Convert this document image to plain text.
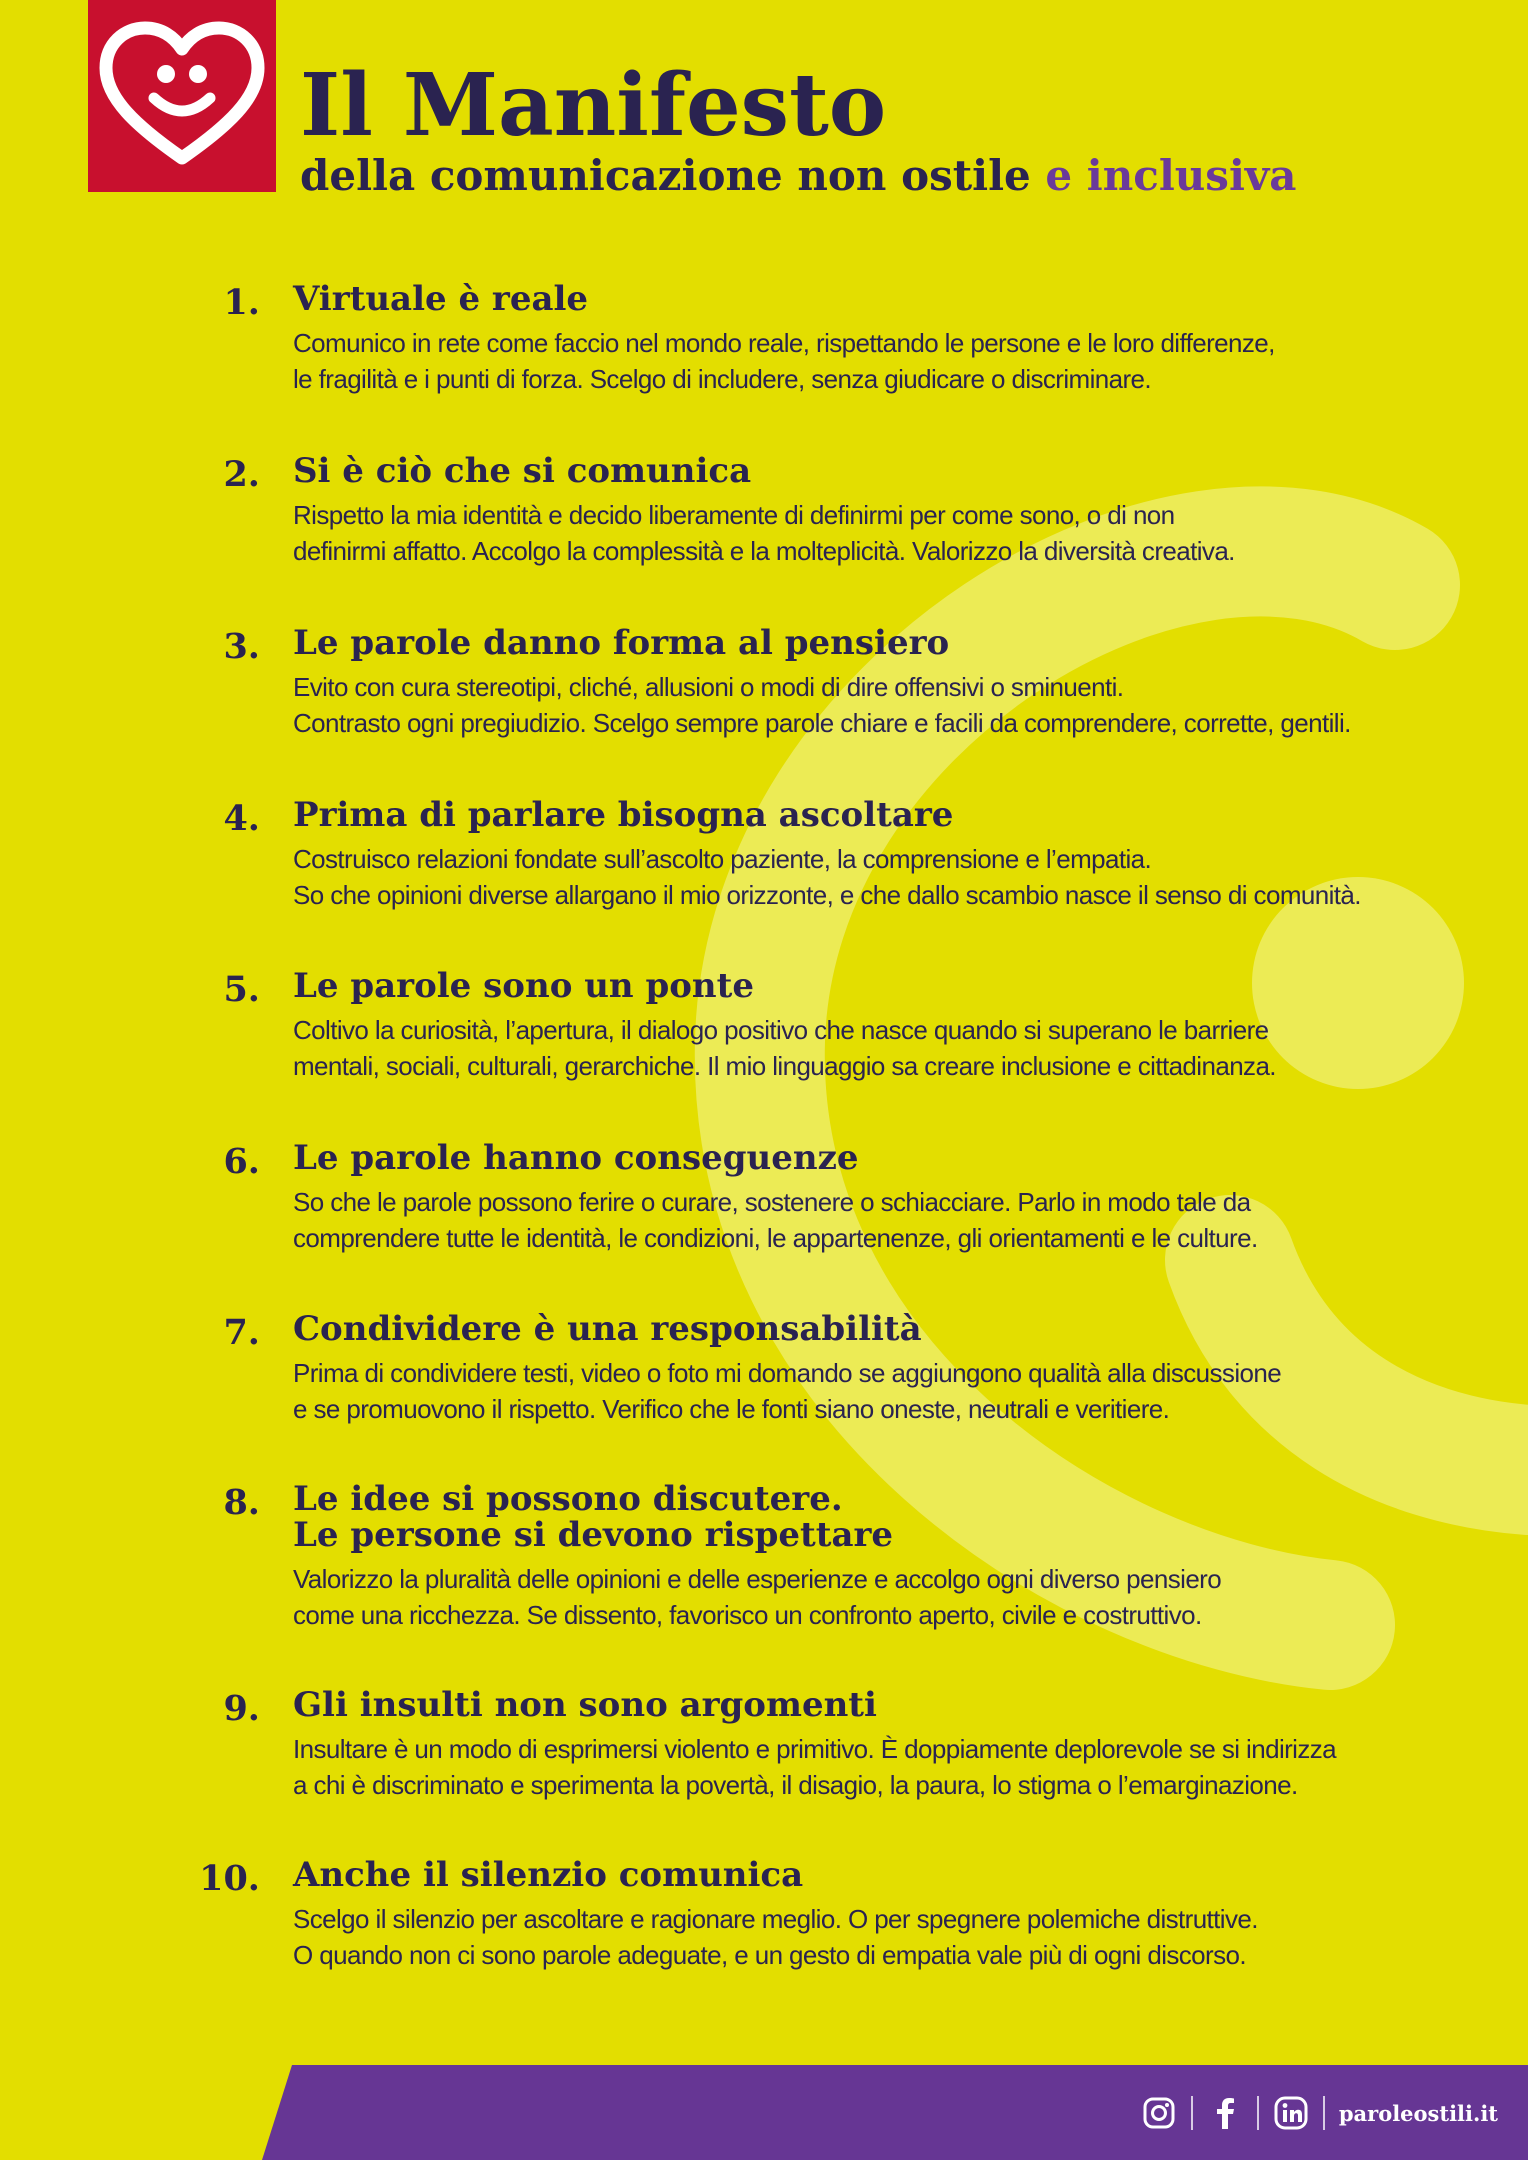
Il Manifesto
della comunicazione non ostile e inclusiva
1. Virtuale è reale

Comunico in rete come faccio nel mondo reale, rispettando le persone e le loro differenze,
le fragilità e i punti di forza. Scelgo di includere, senza giudicare o discriminare.

2. Si è ciò che si comunica

Rispetto la mia identità e decido liberamente di definirmi per come sono, o di non
definirmi affatto. Accolgo la complessità e la molteplicità. Valorizzo la diversità creativa.

3. Le parole danno forma al pensiero

Evito con cura stereotipi, cliché, allusioni o modi di dire offensivi o sminuenti.
Contrasto ogni pregiudizio. Scelgo sempre parole chiare e facili da comprendere, corrette, gentili.

4. Prima di parlare bisogna ascoltare

Costruisco relazioni fondate sull’ascolto paziente, la comprensione e l’empatia.
So che opinioni diverse allargano il mio orizzonte, e che dallo scambio nasce il senso di comunità.

5. Le parole sono un ponte

Coltivo la curiosità, l’apertura, il dialogo positivo che nasce quando si superano le barriere
mentali, sociali, culturali, gerarchiche. Il mio linguaggio sa creare inclusione e cittadinanza.

6. Le parole hanno conseguenze

So che le parole possono ferire o curare, sostenere o schiacciare. Parlo in modo tale da
comprendere tutte le identità, le condizioni, le appartenenze, gli orientamenti e le culture.

7. Condividere è una responsabilità

Prima di condividere testi, video o foto mi domando se aggiungono qualità alla discussione
e se promuovono il rispetto. Verifico che le fonti siano oneste, neutrali e veritiere.

8. Le idee si possono discutere.
Le persone si devono rispettare

Valorizzo la pluralità delle opinioni e delle esperienze e accolgo ogni diverso pensiero
come una ricchezza. Se dissento, favorisco un confronto aperto, civile e costruttivo.

9. Gli insulti non sono argomenti

Insultare è un modo di esprimersi violento e primitivo. È doppiamente deplorevole se si indirizza
a chi è discriminato e sperimenta la povertà, il disagio, la paura, lo stigma o l’emarginazione.

10. Anche il silenzio comunica

Scelgo il silenzio per ascoltare e ragionare meglio. O per spegnere polemiche distruttive.
O quando non ci sono parole adeguate, e un gesto di empatia vale più di ogni discorso.

paroleostili.it
